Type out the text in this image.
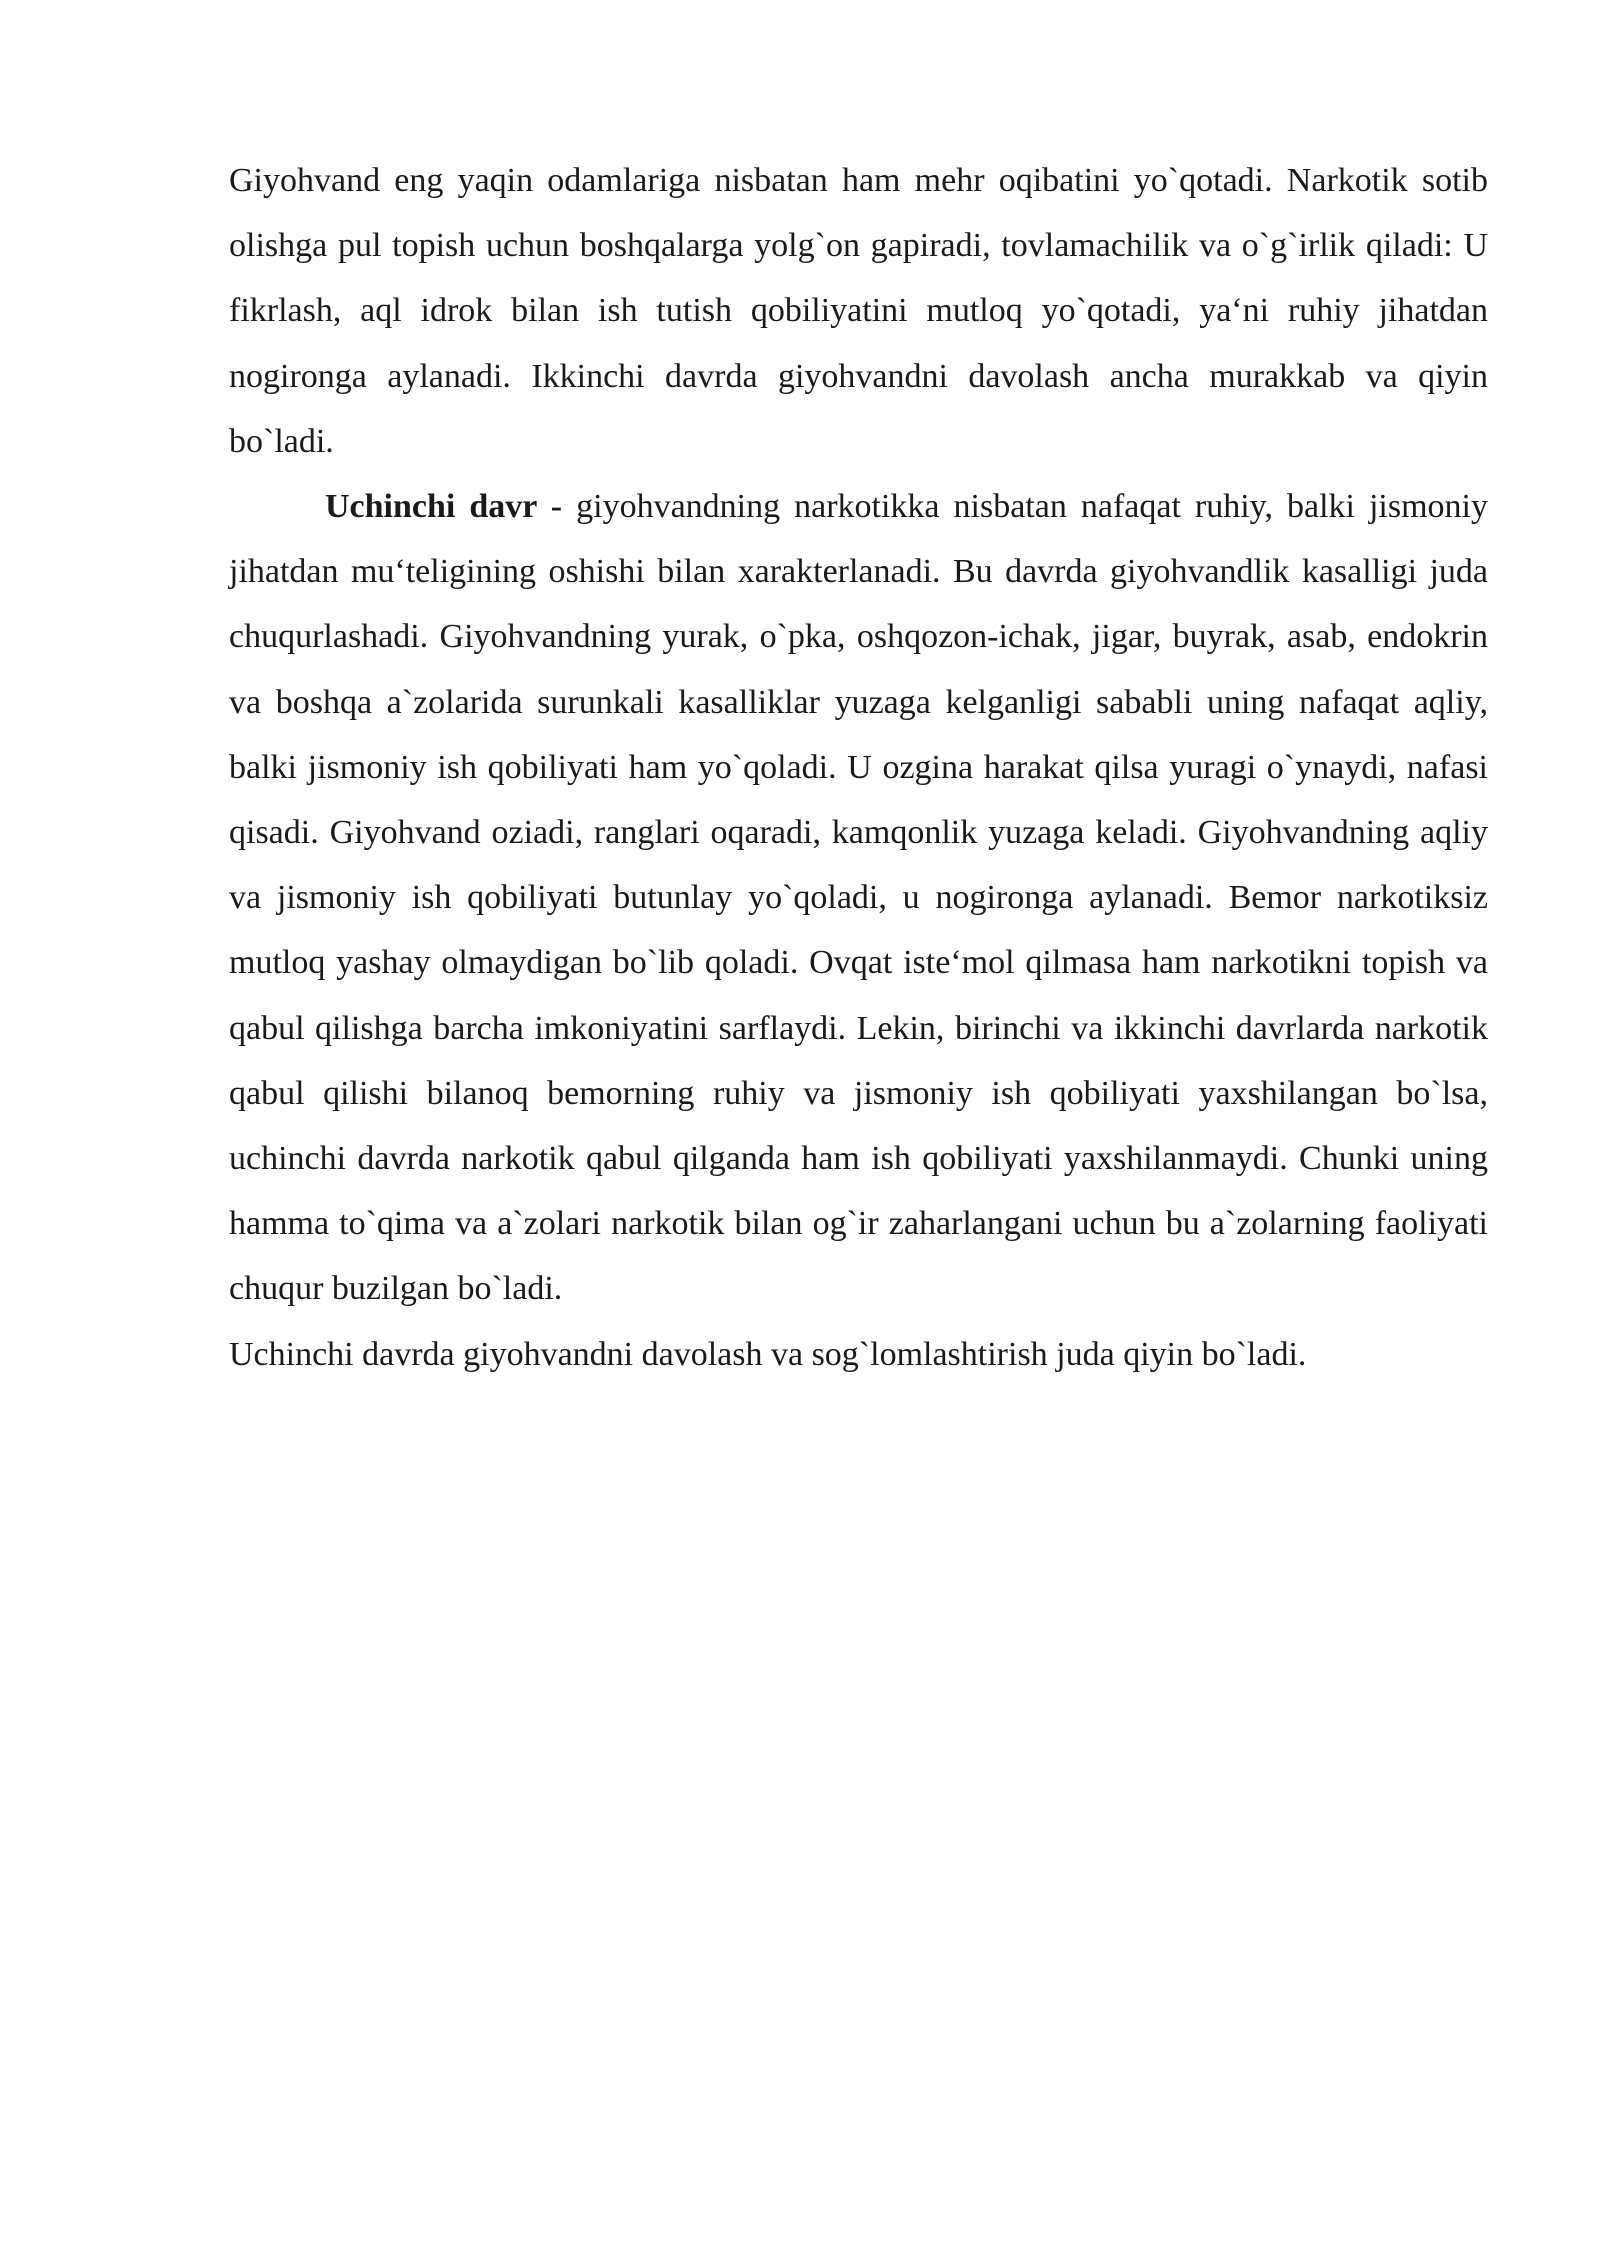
Giyohvand eng yaqin odamlariga nisbatan ham mehr oqibatini yo`qotadi. Narkotik sotib olishga pul topish uchun boshqalarga yolg`on gapiradi, tovlamachilik va o`g`irlik qiladi: U fikrlash, aql idrok bilan ish tutish qobiliyatini mutloq yo`qotadi, ya‘ni ruhiy jihatdan nogironga aylanadi. Ikkinchi davrda giyohvandni davolash ancha murakkab va qiyin bo`ladi.

Uchinchi davr - giyohvandning narkotikka nisbatan nafaqat ruhiy, balki jismoniy jihatdan mu‘teligining oshishi bilan xarakterlanadi. Bu davrda giyohvandlik kasalligi juda chuqurlashadi. Giyohvandning yurak, o`pka, oshqozon-ichak, jigar, buyrak, asab, endokrin va boshqa a`zolarida surunkali kasalliklar yuzaga kelganligi sababli uning nafaqat aqliy, balki jismoniy ish qobiliyati ham yo`qoladi. U ozgina harakat qilsa yuragi o`ynaydi, nafasi qisadi. Giyohvand oziadi, ranglari oqaradi, kamqonlik yuzaga keladi. Giyohvandning aqliy va jismoniy ish qobiliyati butunlay yo`qoladi, u nogironga aylanadi. Bemor narkotiksiz mutloq yashay olmaydigan bo`lib qoladi. Ovqat iste‘mol qilmasa ham narkotikni topish va qabul qilishga barcha imkoniyatini sarflaydi. Lekin, birinchi va ikkinchi davrlarda narkotik qabul qilishi bilanoq bemorning ruhiy va jismoniy ish qobiliyati yaxshilangan bo`lsa, uchinchi davrda narkotik qabul qilganda ham ish qobiliyati yaxshilanmaydi. Chunki uning hamma to`qima va a`zolari narkotik bilan og`ir zaharlangani uchun bu a`zolarning faoliyati chuqur buzilgan bo`ladi.

Uchinchi davrda giyohvandni davolash va sog`lomlashtirish juda qiyin bo`ladi.
